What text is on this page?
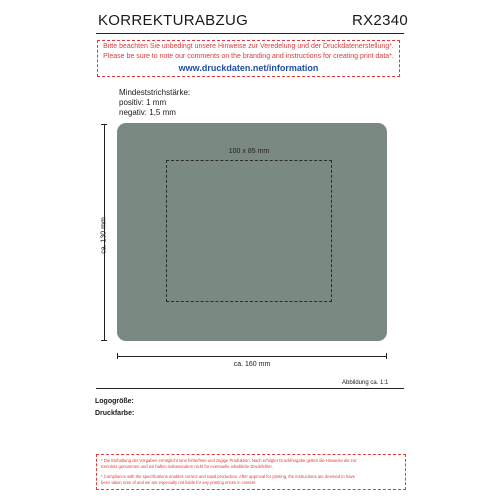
KORREKTURABZUG	RX2340
Bitte beachten Sie unbedingt unsere Hinweise zur Veredelung und der Druckdatenerstellung*.
Please be sure to note our comments on the branding and instructions for creating print data*.
www.druckdaten.net/information
Mindeststrichstärke:
positiv: 1 mm
negativ: 1,5 mm
100 x 85 mm
ca. 130 mm
ca. 160 mm
Abbildung ca. 1:1
Logogröße:
Druckfarbe:
* Die Einhaltung der Vorgaben ermöglicht eine fehlerfreie und zügige Produktion. Nach erfolgter Druckfreigabe gelten die Hinweise als zur
Kenntnis genommen und wir haften insbesondere nicht für eventuelle inhaltliche Druckfehler.
* Compliance with the specifications enables correct and rapid production. After approval for printing, the instructions are deemed to have
been taken note of and we are especially not liable for any printing errors in content.
